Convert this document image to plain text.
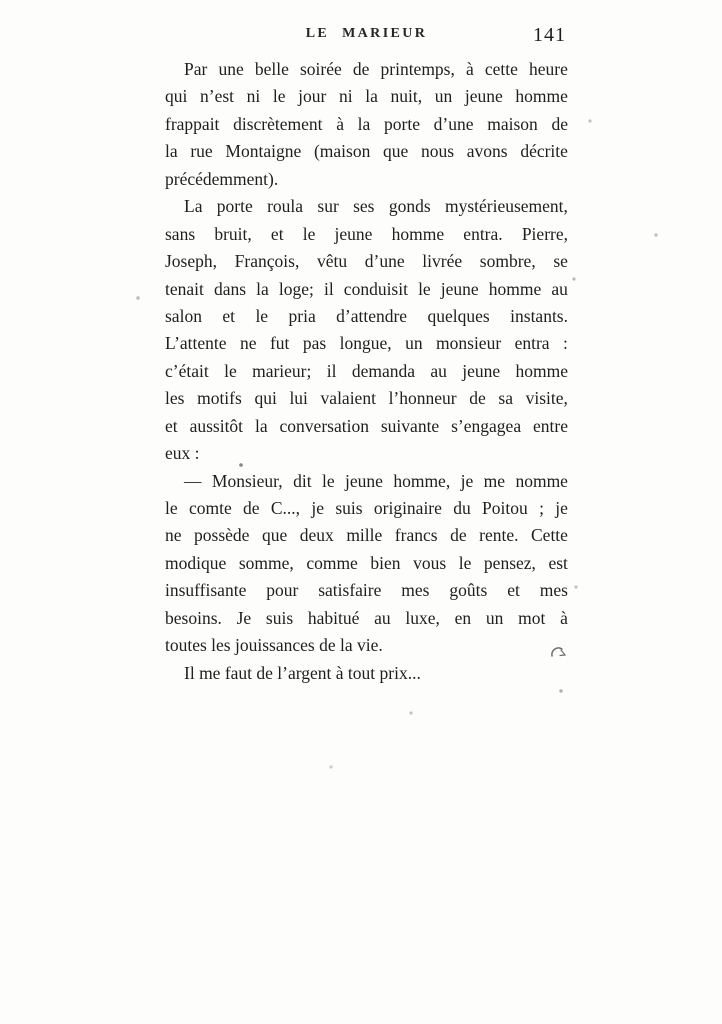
LE MARIEUR	141
Par une belle soirée de printemps, à cette heure
qui n’est ni le jour ni la nuit, un jeune homme
frappait discrètement à la porte d’une maison de
la rue Montaigne (maison que nous avons décrite
précédemment).
La porte roula sur ses gonds mystérieusement,
sans bruit, et le jeune homme entra. Pierre,
Joseph, François, vêtu d’une livrée sombre, se
tenait dans la loge; il conduisit le jeune homme au
salon et le pria d’attendre quelques instants.
L’attente ne fut pas longue, un monsieur entra :
c’était le marieur; il demanda au jeune homme
les motifs qui lui valaient l’honneur de sa visite,
et aussitôt la conversation suivante s’engagea entre
eux :
— Monsieur, dit le jeune homme, je me nomme
le comte de C..., je suis originaire du Poitou ; je
ne possède que deux mille francs de rente. Cette
modique somme, comme bien vous le pensez, est
insuffisante pour satisfaire mes goûts et mes
besoins. Je suis habitué au luxe, en un mot à
toutes les jouissances de la vie.
Il me faut de l’argent à tout prix...
